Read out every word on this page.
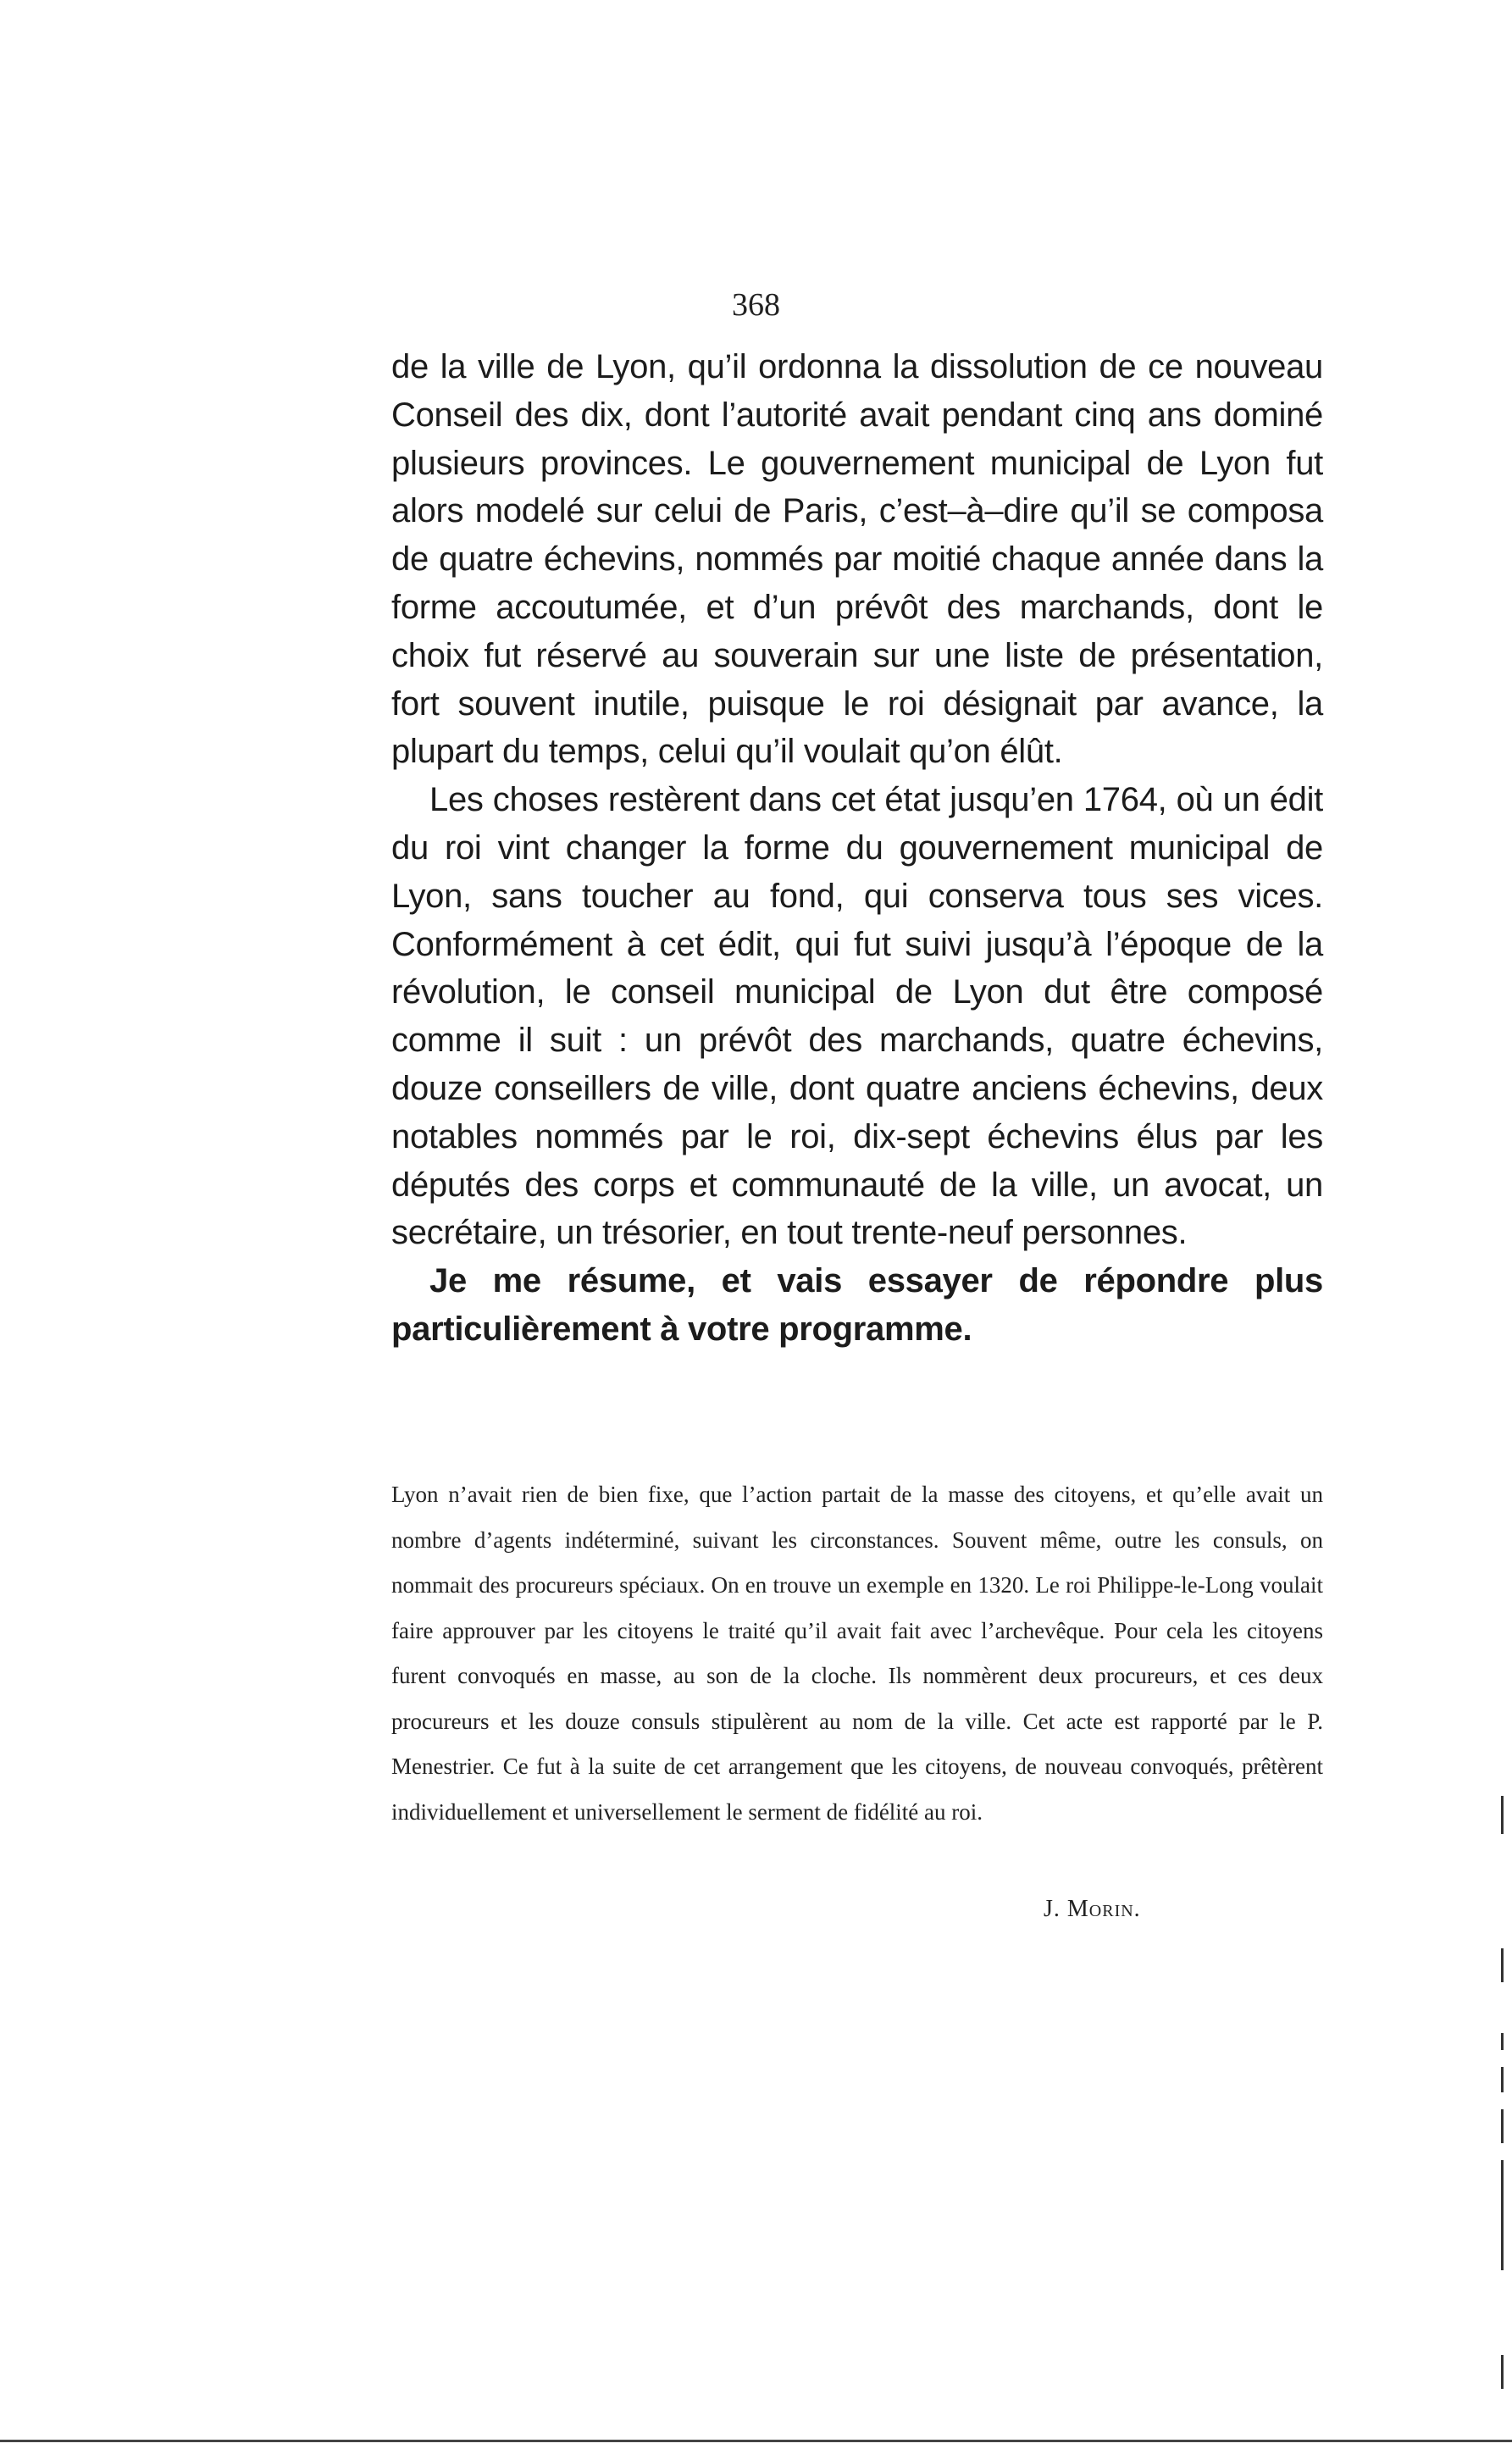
368

de la ville de Lyon, qu’il ordonna la dissolution de ce nouveau Conseil des dix, dont l’autorité avait pendant cinq ans dominé plusieurs provinces. Le gouvernement municipal de Lyon fut alors modelé sur celui de Paris, c’est–à–dire qu’il se composa de quatre échevins, nommés par moitié chaque année dans la forme accoutumée, et d’un prévôt des marchands, dont le choix fut réservé au souverain sur une liste de présentation, fort souvent inutile, puisque le roi désignait par avance, la plupart du temps, celui qu’il voulait qu’on élût.

Les choses restèrent dans cet état jusqu’en 1764, où un édit du roi vint changer la forme du gouvernement municipal de Lyon, sans toucher au fond, qui conserva tous ses vices. Conformément à cet édit, qui fut suivi jusqu’à l’époque de la révolution, le conseil municipal de Lyon dut être composé comme il suit : un prévôt des marchands, quatre échevins, douze conseillers de ville, dont quatre anciens échevins, deux notables nommés par le roi, dix-sept échevins élus par les députés des corps et communauté de la ville, un avocat, un secrétaire, un trésorier, en tout trente-neuf personnes.

Je me résume, et vais essayer de répondre plus particulièrement à votre programme.

Lyon n’avait rien de bien fixe, que l’action partait de la masse des citoyens, et qu’elle avait un nombre d’agents indéterminé, suivant les circonstances. Souvent même, outre les consuls, on nommait des procureurs spéciaux. On en trouve un exemple en 1320. Le roi Philippe-le-Long voulait faire approuver par les citoyens le traité qu’il avait fait avec l’archevêque. Pour cela les citoyens furent convoqués en masse, au son de la cloche. Ils nommèrent deux procureurs, et ces deux procureurs et les douze consuls stipulèrent au nom de la ville. Cet acte est rapporté par le P. Menestrier. Ce fut à la suite de cet arrangement que les citoyens, de nouveau convoqués, prêtèrent individuellement et universellement le serment de fidélité au roi.

J. Morin.
